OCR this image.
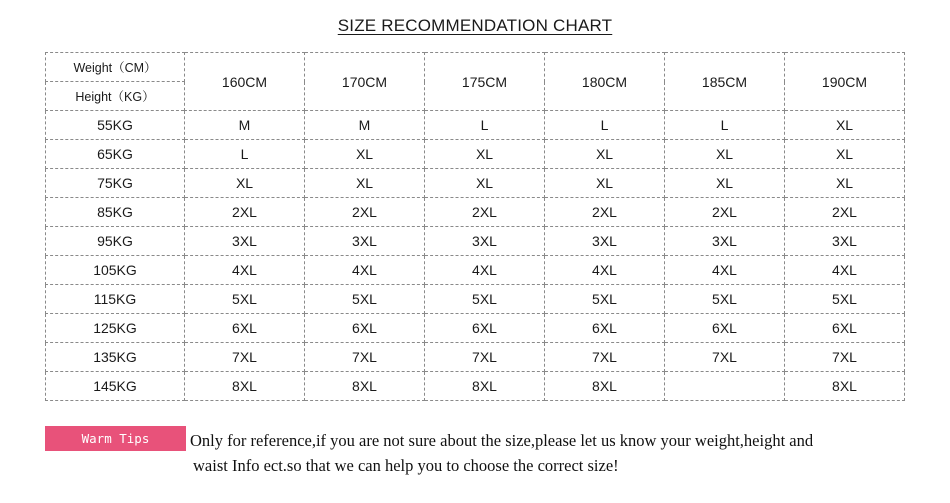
SIZE RECOMMENDATION CHART
Weight（CM）	160CM	170CM	175CM	180CM	185CM	190CM
Height（KG）						
55KG	M	M	L	L	L	XL
65KG	L	XL	XL	XL	XL	XL
75KG	XL	XL	XL	XL	XL	XL
85KG	2XL	2XL	2XL	2XL	2XL	2XL
95KG	3XL	3XL	3XL	3XL	3XL	3XL
105KG	4XL	4XL	4XL	4XL	4XL	4XL
115KG	5XL	5XL	5XL	5XL	5XL	5XL
125KG	6XL	6XL	6XL	6XL	6XL	6XL
135KG	7XL	7XL	7XL	7XL	7XL	7XL
145KG	8XL	8XL	8XL	8XL		8XL
Warm Tips	Only for reference,if you are not sure about the size,please let us know your weight,height and
waist Info ect.so that we can help you to choose the correct size!
